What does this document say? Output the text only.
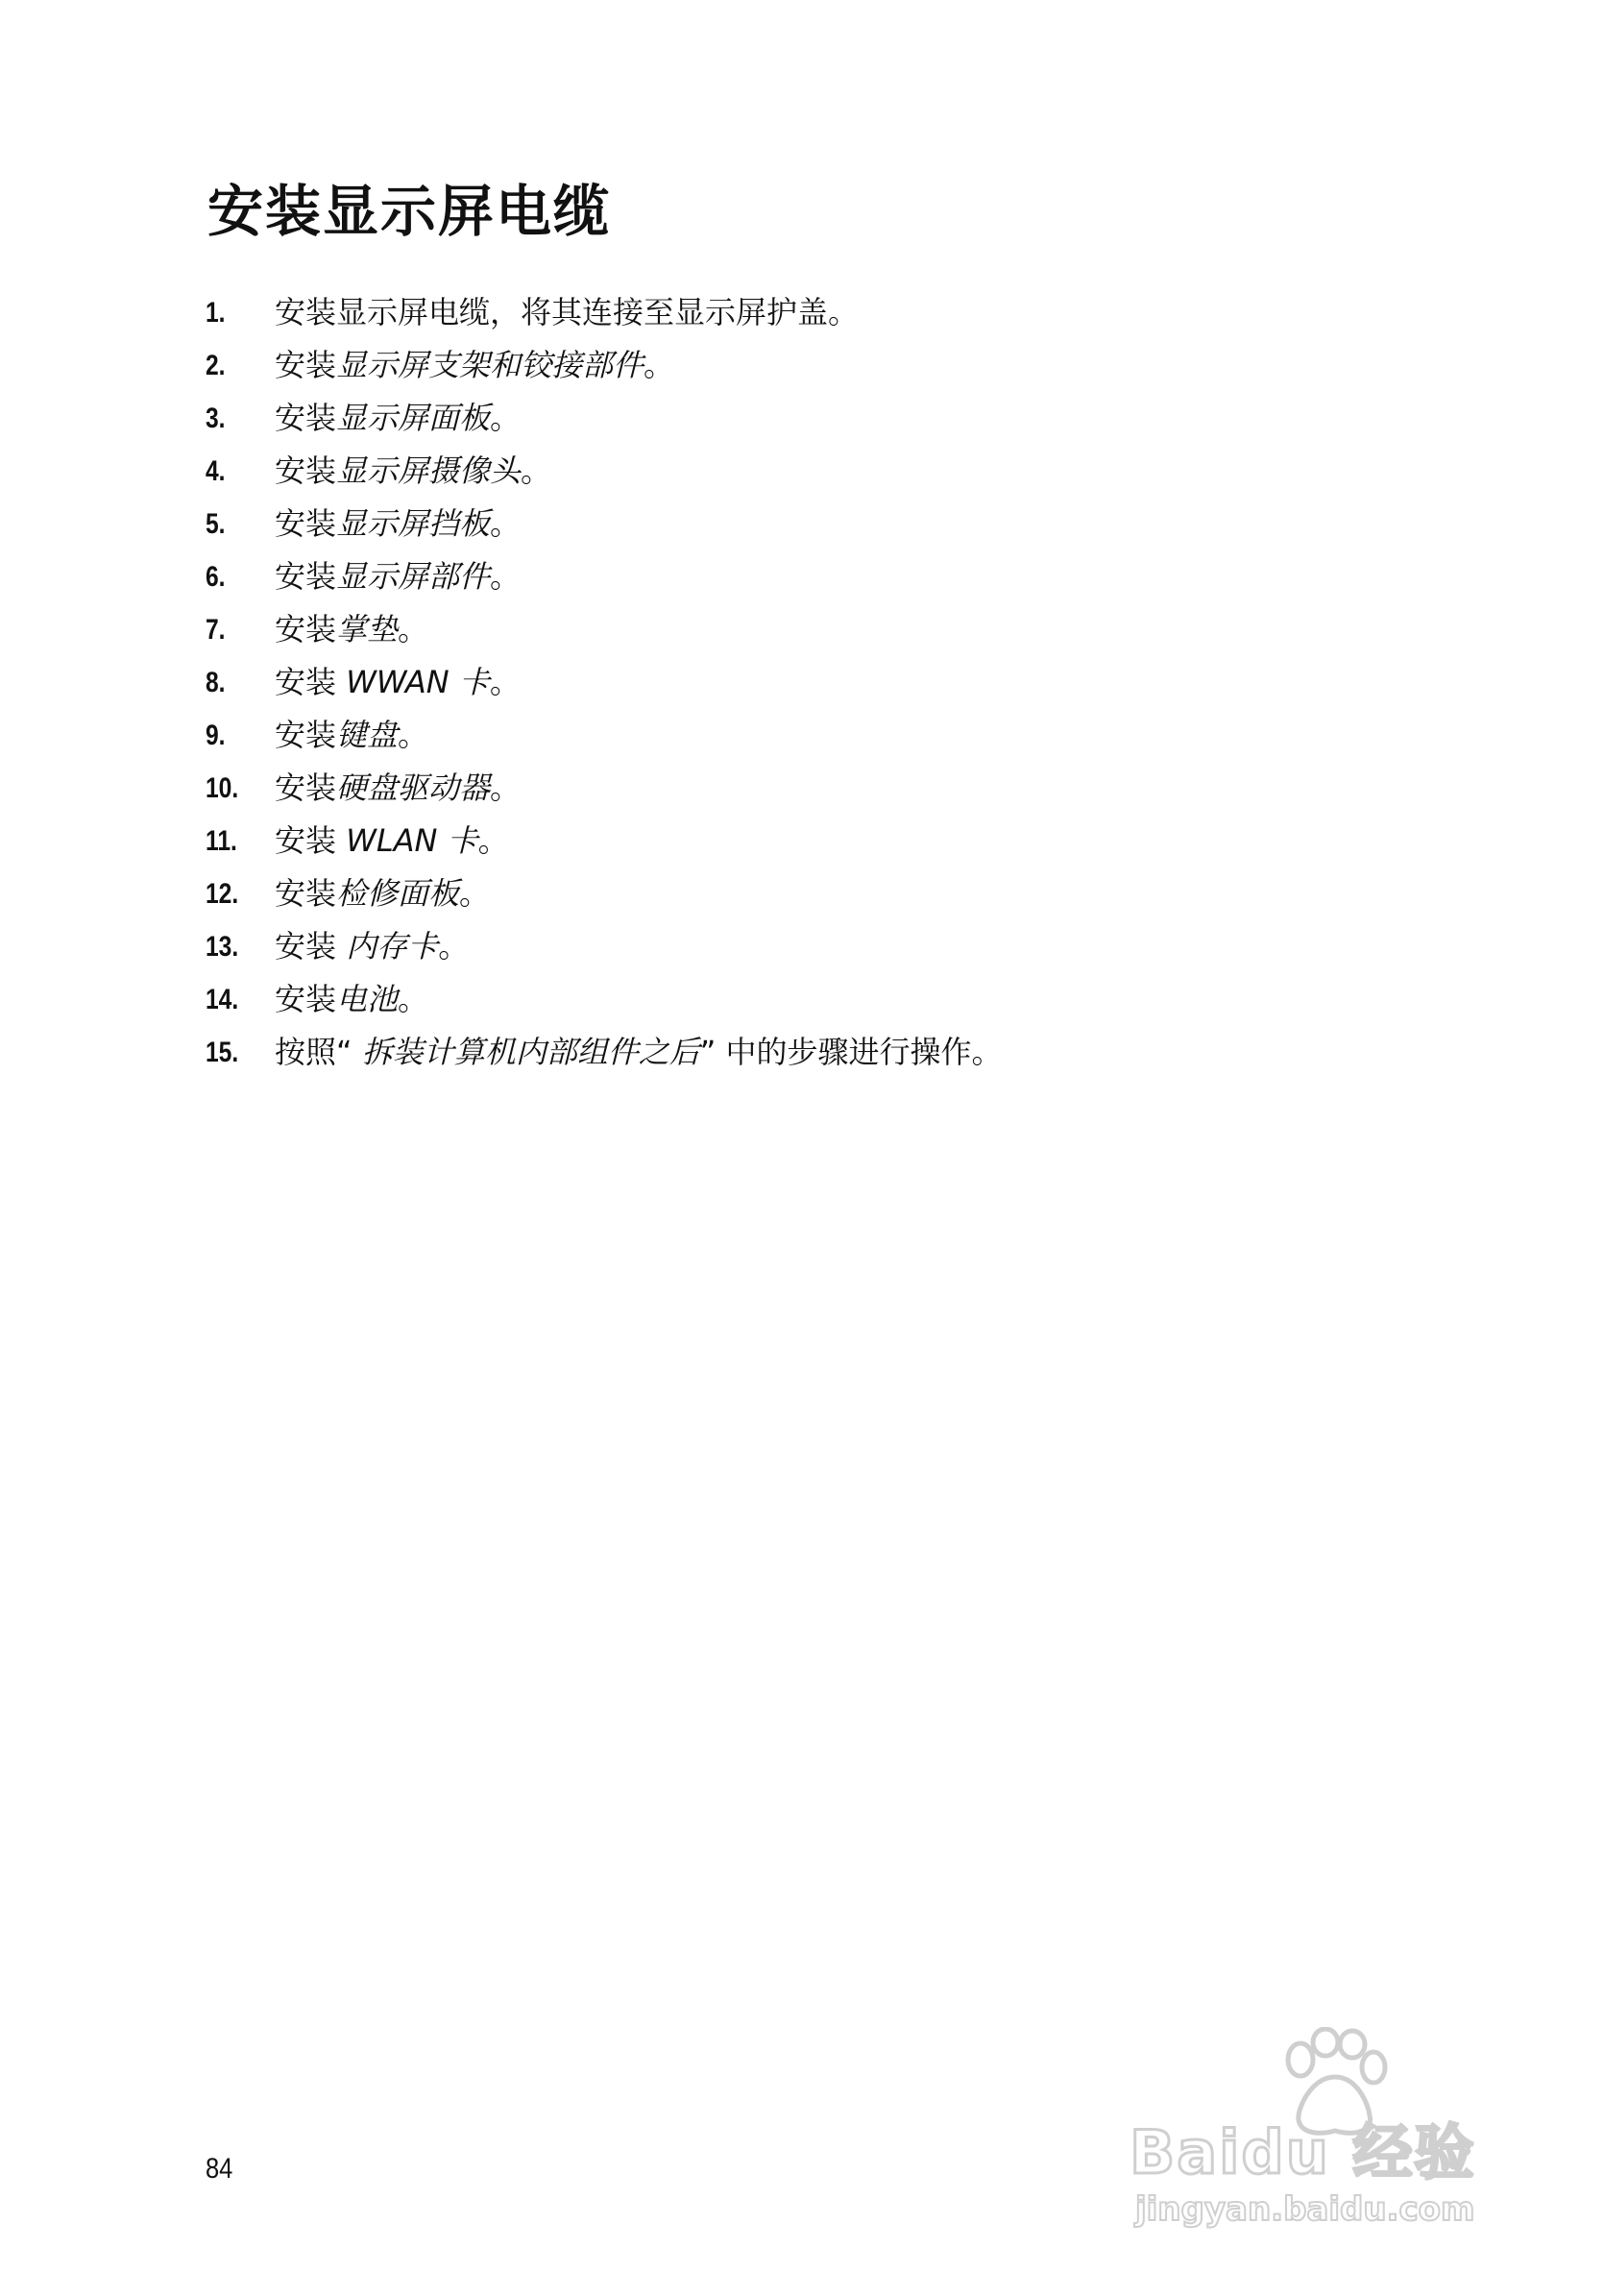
安装显示屏电缆
1.	安装显示屏电缆，将其连接至显示屏护盖。
2.	安装显示屏支架和铰接部件。
3.	安装显示屏面板。
4.	安装显示屏摄像头。
5.	安装显示屏挡板。
6.	安装显示屏部件。
7.	安装掌垫。
8.	安装 WWAN 卡。
9.	安装键盘。
10.	安装硬盘驱动器。
11.	安装 WLAN 卡。
12.	安装检修面板。
13.	安装 内存卡。
14.	安装电池。
15.	按照“ 拆装计算机内部组件之后” 中的步骤进行操作。
84	Baidu 经验
jingyan.baidu.com
